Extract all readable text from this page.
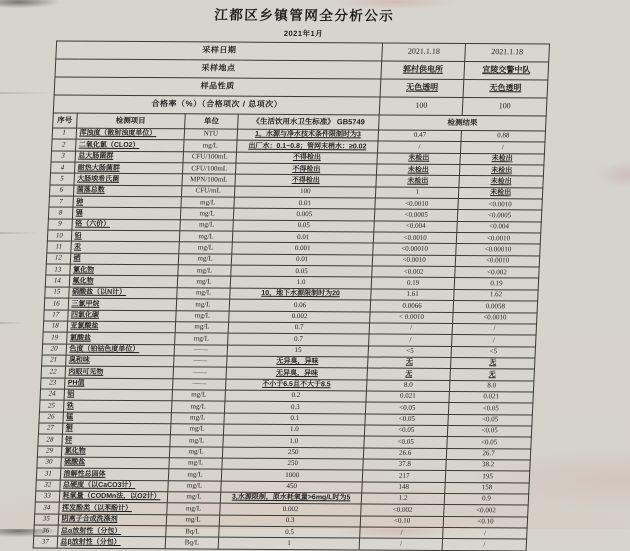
江都区乡镇管网全分析公示
2021年1月
采样日期				2021.1.18	2021.1.18
采样地点				郭村供电所	宜陵交警中队
样品性质				无色透明	无色透明
合格率（%）（合格项次 / 总项次）				100	100
序号	检测项目	单位	《生活饮用水卫生标准》 GB5749	检测结果	
1	浑浊度（散射浊度单位）	NTU	1，水源与净水技术条件限制时为3	0.47	0.88
2	二氧化氯（CLO2）	mg/L	出厂水：0.1~0.8；管网末梢水：≥0.02	/	/
3	总大肠菌群	CFU/100mL	不得检出	未检出	未检出
4	耐热大肠菌群	CFU/100mL	不得检出	未检出	未检出
5	大肠埃希氏菌	MPN/100mL	不得检出	未检出	未检出
6	菌落总数	CFU/mL	100	1	未检出
7	砷	mg/L	0.01	<0.0010	<0.0010
8	镉	mg/L	0.005	<0.0005	<0.0005
9	铬（六价）	mg/L	0.05	<0.004	<0.004
10	铅	mg/L	0.01	<0.0010	<0.0010
11	汞	mg/L	0.001	<0.00010	<0.00010
12	硒	mg/L	0.01	<0.0010	<0.0010
13	氰化物	mg/L	0.05	<0.002	<0.002
14	氟化物	mg/L	1.0	0.19	0.19
15	硝酸盐（以N计）	mg/L	10，地下水源限制时为20	1.61	1.62
16	三氯甲烷	mg/L	0.06	0.0066	0.0058
17	四氯化碳	mg/L	0.002	< 0.0010	<0.0010
18	亚氯酸盐	mg/L	0.7	/	/
19	氯酸盐	mg/L	0.7	/	/
20	色度（铂钴色度单位）	——	15	<5	<5
21	臭和味	——	无异臭，异味	无	无
22	肉眼可见物	——	无异臭，异味	无	无
23	PH值	——	不小于6.5且不大于8.5	8.0	8.0
24	铝	mg/L	0.2	0.021	0.021
25	铁	mg/L	0.3	<0.05	<0.05
26	锰	mg/L	0.1	<0.05	<0.05
27	铜	mg/L	1.0	<0.05	<0.05
28	锌	mg/L	1.0	<0.05	<0.05
29	氯化物	mg/L	250	26.6	26.7
30	硫酸盐	mg/L	250	37.8	38.2
31	溶解性总固体	mg/L	1000	217	195
32	总硬度（以CaCO3计）	mg/L	450	148	158
33	耗氧量（CODMn法，以O2计）	mg/L	3,水源限制，原水耗氧量>6mg/L时为5	1.2	0.9
34	挥发酚类（以苯酚计）	mg/L	0.002	<0.002	<0.002
35	阴离子合成洗涤剂	mg/L	0.3	<0.10	<0.10
36	总α放射性（分包）	Bq/L	0.5	/	/
37	总β放射性（分包）	Bq/L	1	/	/
